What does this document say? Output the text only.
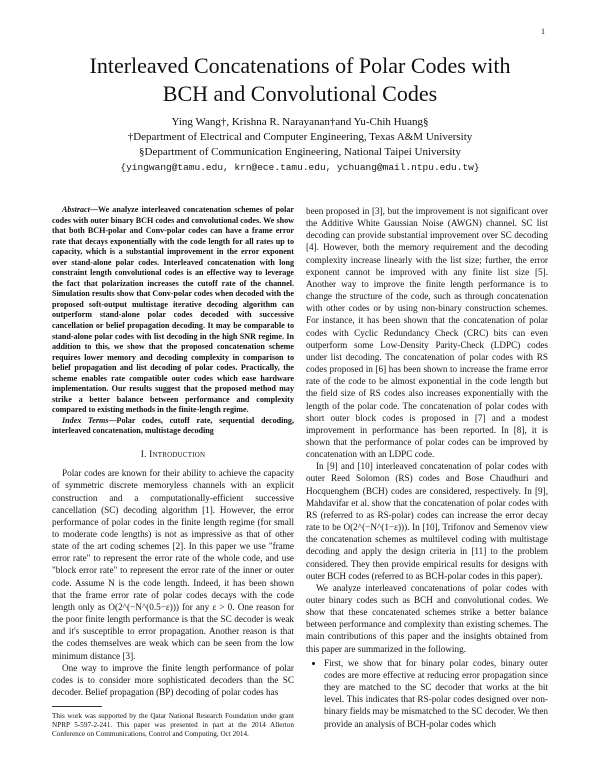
1
Interleaved Concatenations of Polar Codes with
BCH and Convolutional Codes
Ying Wang†, Krishna R. Narayanan†and Yu-Chih Huang§
†Department of Electrical and Computer Engineering, Texas A&M University
§Department of Communication Engineering, National Taipei University
{yingwang@tamu.edu, krn@ece.tamu.edu, ychuang@mail.ntpu.edu.tw}

Abstract—We analyze interleaved concatenation schemes of polar codes with outer binary BCH codes and convolutional codes. We show that both BCH-polar and Conv-polar codes can have a frame error rate that decays exponentially with the code length for all rates up to capacity, which is a substantial improvement in the error exponent over stand-alone polar codes. Interleaved concatenation with long constraint length convolutional codes is an effective way to leverage the fact that polarization increases the cutoff rate of the channel. Simulation results show that Conv-polar codes when decoded with the proposed soft-output multistage iterative decoding algorithm can outperform stand-alone polar codes decoded with successive cancellation or belief propagation decoding. It may be comparable to stand-alone polar codes with list decoding in the high SNR regime. In addition to this, we show that the proposed concatenation scheme requires lower memory and decoding complexity in comparison to belief propagation and list decoding of polar codes. Practically, the scheme enables rate compatible outer codes which ease hardware implementation. Our results suggest that the proposed method may strike a better balance between performance and complexity compared to existing methods in the finite-length regime.

Index Terms—Polar codes, cutoff rate, sequential decoding, interleaved concatenation, multistage decoding

I. Introduction

Polar codes are known for their ability to achieve the capacity of symmetric discrete memoryless channels with an explicit construction and a computationally-efficient successive cancellation (SC) decoding algorithm [1]. However, the error performance of polar codes in the finite length regime (for small to moderate code lengths) is not as impressive as that of other state of the art coding schemes [2]. In this paper we use "frame error rate" to represent the error rate of the whole code, and use "block error rate" to represent the error rate of the inner or outer code. Assume N is the code length. Indeed, it has been shown that the frame error rate of polar codes decays with the code length only as O(2^(−N^(0.5−ε))) for any ε > 0. One reason for the poor finite length performance is that the SC decoder is weak and it's susceptible to error propagation. Another reason is that the codes themselves are weak which can be seen from the low minimum distance [3].

One way to improve the finite length performance of polar codes is to consider more sophisticated decoders than the SC decoder. Belief propagation (BP) decoding of polar codes has

This work was supported by the Qatar National Research Foundation under grant NPRP 5-597-2-241. This paper was presented in part at the 2014 Allerton Conference on Communications, Control and Computing, Oct 2014.

been proposed in [3], but the improvement is not significant over the Additive White Gaussian Noise (AWGN) channel. SC list decoding can provide substantial improvement over SC decoding [4]. However, both the memory requirement and the decoding complexity increase linearly with the list size; further, the error exponent cannot be improved with any finite list size [5]. Another way to improve the finite length performance is to change the structure of the code, such as through concatenation with other codes or by using non-binary construction schemes. For instance, it has been shown that the concatenation of polar codes with Cyclic Redundancy Check (CRC) bits can even outperform some Low-Density Parity-Check (LDPC) codes under list decoding. The concatenation of polar codes with RS codes proposed in [6] has been shown to increase the frame error rate of the code to be almost exponential in the code length but the field size of RS codes also increases exponentially with the length of the polar code. The concatenation of polar codes with short outer block codes is proposed in [7] and a modest improvement in performance has been reported. In [8], it is shown that the performance of polar codes can be improved by concatenation with an LDPC code.

In [9] and [10] interleaved concatenation of polar codes with outer Reed Solomon (RS) codes and Bose Chaudhuri and Hocquenghem (BCH) codes are considered, respectively. In [9], Mahdavifar et al. show that the concatenation of polar codes with RS (referred to as RS-polar) codes can increase the error decay rate to be O(2^(−N^(1−ε))). In [10], Trifonov and Semenov view the concatenation schemes as multilevel coding with multistage decoding and apply the design criteria in [11] to the problem considered. They then provide empirical results for designs with outer BCH codes (referred to as BCH-polar codes in this paper).

We analyze interleaved concatenations of polar codes with outer binary codes such as BCH and convolutional codes. We show that these concatenated schemes strike a better balance between performance and complexity than existing schemes. The main contributions of this paper and the insights obtained from this paper are summarized in the following.

• First, we show that for binary polar codes, binary outer codes are more effective at reducing error propagation since they are matched to the SC decoder that works at the bit level. This indicates that RS-polar codes designed over non-binary fields may be mismatched to the SC decoder. We then provide an analysis of BCH-polar codes which
